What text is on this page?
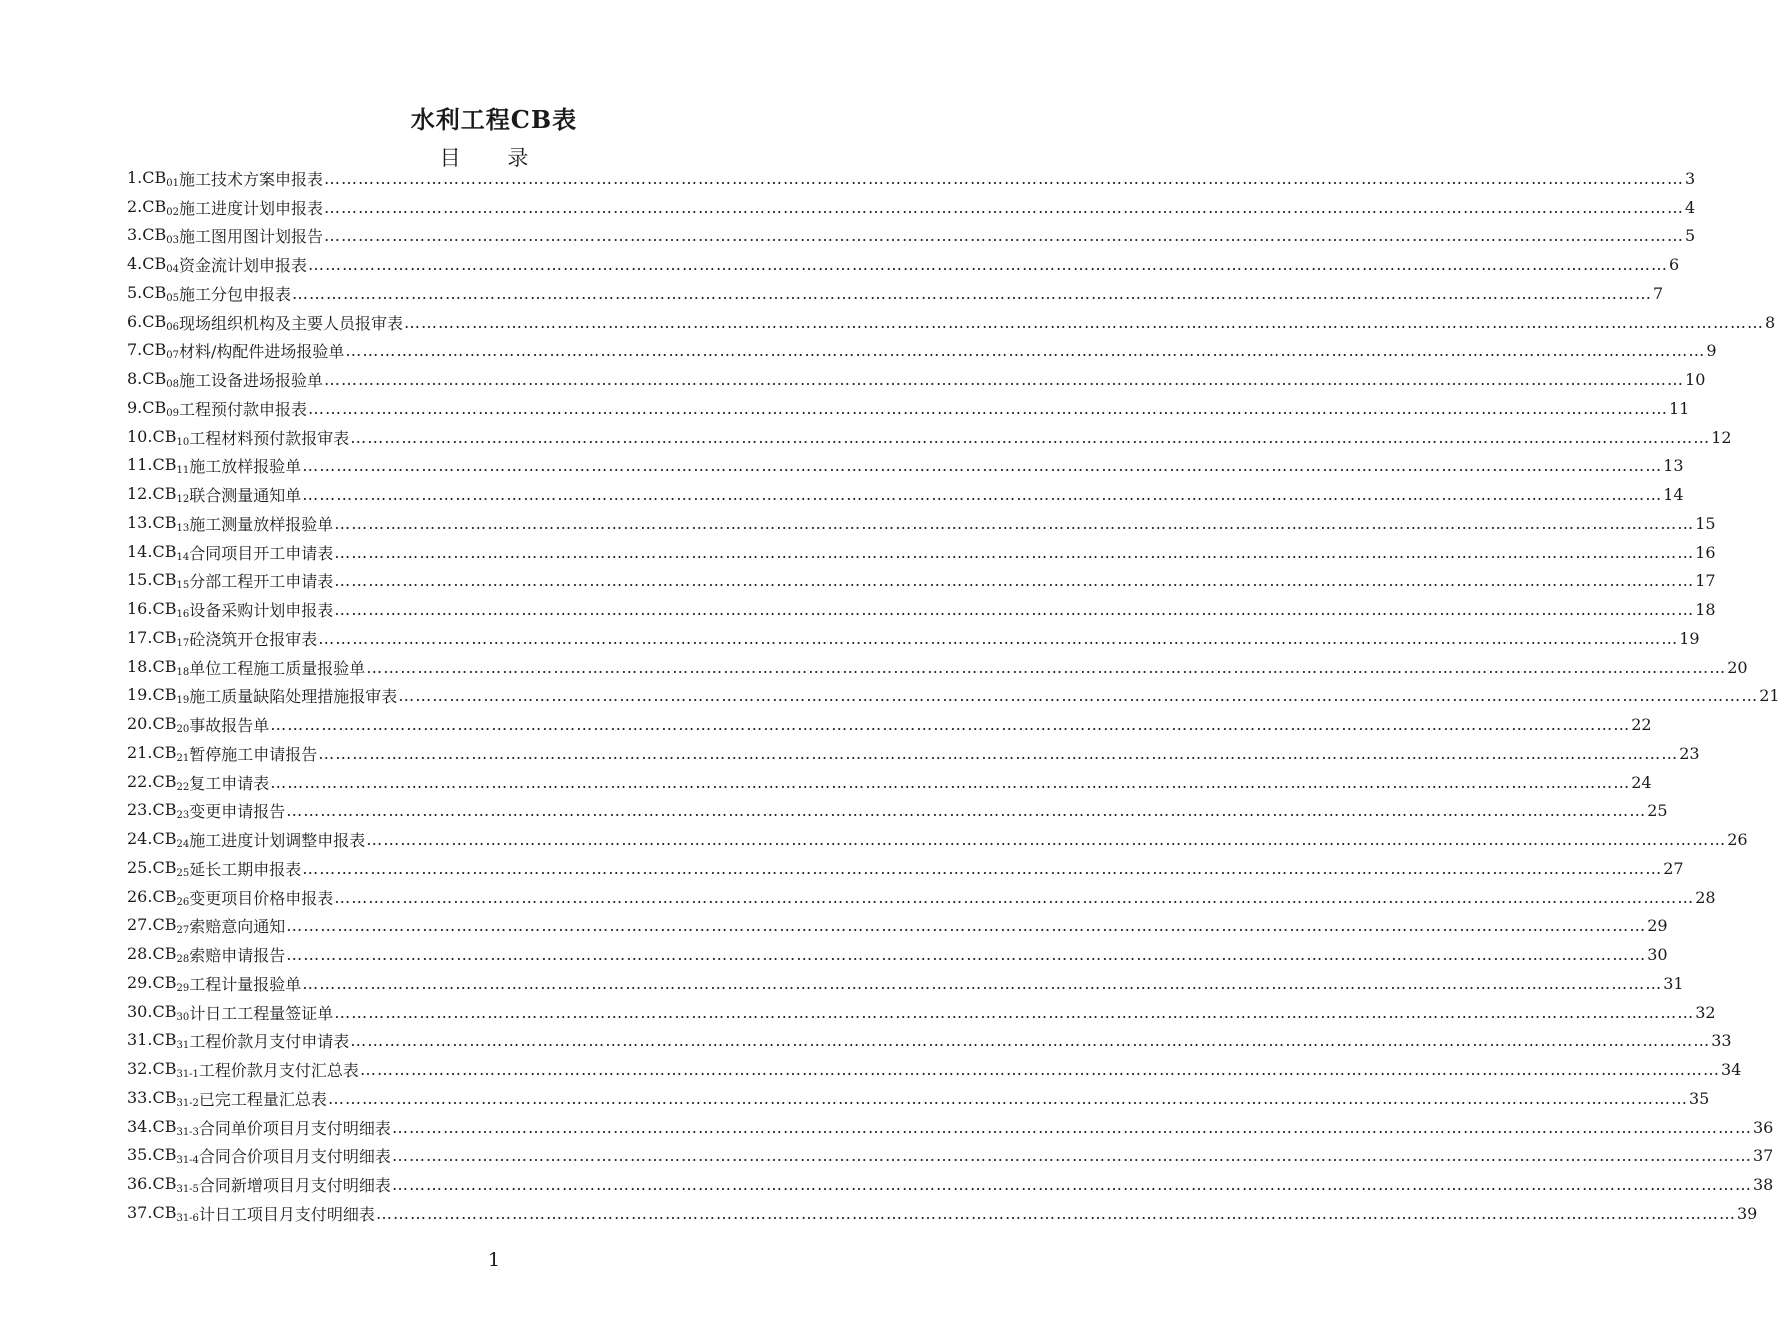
水利工程CB表
目 录
$1.CB_{01}$ 施工技术方案申报表 …………………………………………………………………………………………………………………………………………………………………………………………………………………… 3
$2.CB_{02}$ 施工进度计划申报表 …………………………………………………………………………………………………………………………………………………………………………………………………………………… 4
$3.CB_{03}$ 施工图用图计划报告 …………………………………………………………………………………………………………………………………………………………………………………………………………………… 5
$4.CB_{04}$ 资金流计划申报表 …………………………………………………………………………………………………………………………………………………………………………………………………………………… 6
$5.CB_{05}$ 施工分包申报表 …………………………………………………………………………………………………………………………………………………………………………………………………………………… 7
$6.CB_{06}$ 现场组织机构及主要人员报审表 …………………………………………………………………………………………………………………………………………………………………………………………………………………… 8
$7.CB_{07}$ 材料/构配件进场报验单 …………………………………………………………………………………………………………………………………………………………………………………………………………………… 9
$8.CB_{08}$ 施工设备进场报验单 …………………………………………………………………………………………………………………………………………………………………………………………………………………… 10
$9.CB_{09}$ 工程预付款申报表 …………………………………………………………………………………………………………………………………………………………………………………………………………………… 11
$10.CB_{10}$ 工程材料预付款报审表 …………………………………………………………………………………………………………………………………………………………………………………………………………………… 12
$11.CB_{11}$ 施工放样报验单 …………………………………………………………………………………………………………………………………………………………………………………………………………………… 13
$12.CB_{12}$ 联合测量通知单 …………………………………………………………………………………………………………………………………………………………………………………………………………………… 14
$13.CB_{13}$ 施工测量放样报验单 …………………………………………………………………………………………………………………………………………………………………………………………………………………… 15
$14.CB_{14}$ 合同项目开工申请表 …………………………………………………………………………………………………………………………………………………………………………………………………………………… 16
$15.CB_{15}$ 分部工程开工申请表 …………………………………………………………………………………………………………………………………………………………………………………………………………………… 17
$16.CB_{16}$ 设备采购计划申报表 …………………………………………………………………………………………………………………………………………………………………………………………………………………… 18
$17.CB_{17}$ 砼浇筑开仓报审表 …………………………………………………………………………………………………………………………………………………………………………………………………………………… 19
$18.CB_{18}$ 单位工程施工质量报验单 …………………………………………………………………………………………………………………………………………………………………………………………………………………… 20
$19.CB_{19}$ 施工质量缺陷处理措施报审表 …………………………………………………………………………………………………………………………………………………………………………………………………………………… 21
$20.CB_{20}$ 事故报告单 …………………………………………………………………………………………………………………………………………………………………………………………………………………… 22
$21.CB_{21}$ 暂停施工申请报告 …………………………………………………………………………………………………………………………………………………………………………………………………………………… 23
$22.CB_{22}$ 复工申请表 …………………………………………………………………………………………………………………………………………………………………………………………………………………… 24
$23.CB_{23}$ 变更申请报告 …………………………………………………………………………………………………………………………………………………………………………………………………………………… 25
$24.CB_{24}$ 施工进度计划调整申报表 …………………………………………………………………………………………………………………………………………………………………………………………………………………… 26
$25.CB_{25}$ 延长工期申报表 …………………………………………………………………………………………………………………………………………………………………………………………………………………… 27
$26.CB_{26}$ 变更项目价格申报表 …………………………………………………………………………………………………………………………………………………………………………………………………………………… 28
$27.CB_{27}$ 索赔意向通知 …………………………………………………………………………………………………………………………………………………………………………………………………………………… 29
$28.CB_{28}$ 索赔申请报告 …………………………………………………………………………………………………………………………………………………………………………………………………………………… 30
$29.CB_{29}$ 工程计量报验单 …………………………………………………………………………………………………………………………………………………………………………………………………………………… 31
$30.CB_{30}$ 计日工工程量签证单 …………………………………………………………………………………………………………………………………………………………………………………………………………………… 32
$31.CB_{31}$ 工程价款月支付申请表 …………………………………………………………………………………………………………………………………………………………………………………………………………………… 33
$32.CB_{31-1}$ 工程价款月支付汇总表 …………………………………………………………………………………………………………………………………………………………………………………………………………………… 34
$33.CB_{31-2}$ 已完工程量汇总表 …………………………………………………………………………………………………………………………………………………………………………………………………………………… 35
$34.CB_{31-3}$ 合同单价项目月支付明细表 …………………………………………………………………………………………………………………………………………………………………………………………………………………… 36
$35.CB_{31-4}$ 合同合价项目月支付明细表 …………………………………………………………………………………………………………………………………………………………………………………………………………………… 37
$36.CB_{31-5}$ 合同新增项目月支付明细表 …………………………………………………………………………………………………………………………………………………………………………………………………………………… 38
$37.CB_{31-6}$ 计日工项目月支付明细表 …………………………………………………………………………………………………………………………………………………………………………………………………………………… 39
1
